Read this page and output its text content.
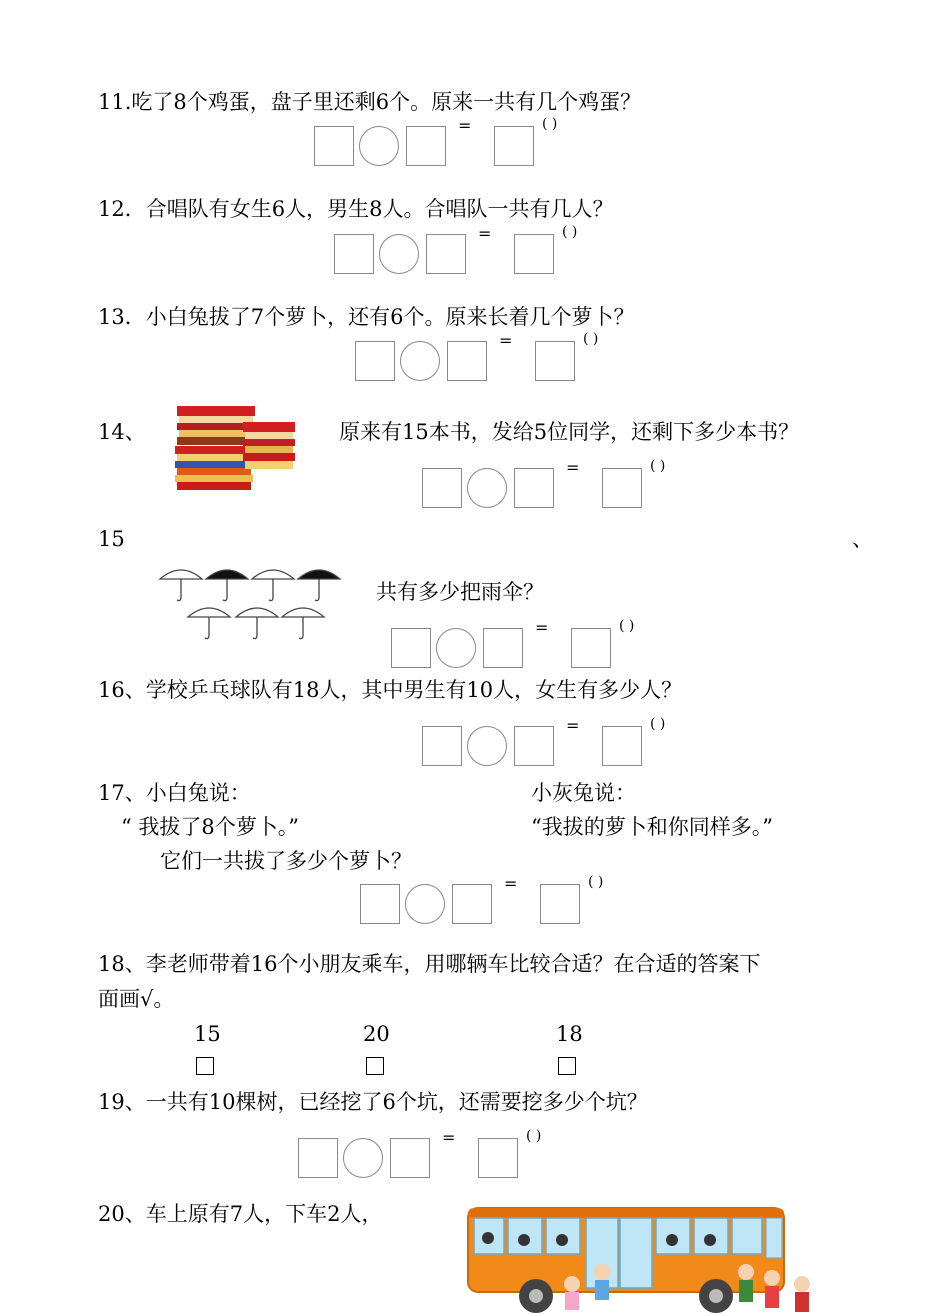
11.吃了8个鸡蛋，盘子里还剩6个。原来一共有几个鸡蛋？
=	( )
12．合唱队有女生6人，男生8人。合唱队一共有几人？
=	( )
13．小白兔拔了7个萝卜，还有6个。原来长着几个萝卜？
=	( )
14、	原来有15本书，发给5位同学，还剩下多少本书？
=	( )
15	、
共有多少把雨伞？
=	( )
16、学校乒乓球队有18人，其中男生有10人，女生有多少人？
=	( )
17、小白兔说：	小灰兔说：
“ 我拔了8个萝卜。”	“我拔的萝卜和你同样多。”
它们一共拔了多少个萝卜？
=	( )
18、李老师带着16个小朋友乘车，用哪辆车比较合适？在合适的答案下
面画√。
15	20	18
19、一共有10棵树，已经挖了6个坑，还需要挖多少个坑？
=	( )
20、车上原有7人，下车2人，
